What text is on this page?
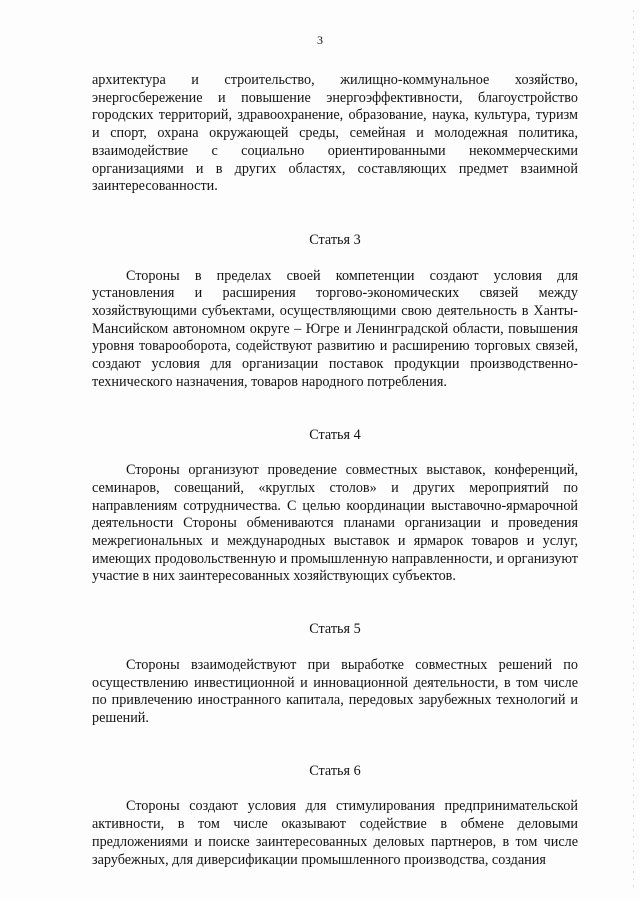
3

архитектура и строительство, жилищно-коммунальное хозяйство, энергосбережение и повышение энергоэффективности, благоустройство городских территорий, здравоохранение, образование, наука, культура, туризм и спорт, охрана окружающей среды, семейная и молодежная политика, взаимодействие с социально ориентированными некоммерческими организациями и в других областях, составляющих предмет взаимной заинтересованности.

Статья 3

Стороны в пределах своей компетенции создают условия для установления и расширения торгово-экономических связей между хозяйствующими субъектами, осуществляющими свою деятельность в Ханты-Мансийском автономном округе – Югре и Ленинградской области, повышения уровня товарооборота, содействуют развитию и расширению торговых связей, создают условия для организации поставок продукции производственно-технического назначения, товаров народного потребления.

Статья 4

Стороны организуют проведение совместных выставок, конференций, семинаров, совещаний, «круглых столов» и других мероприятий по направлениям сотрудничества. С целью координации выставочно-ярмарочной деятельности Стороны обмениваются планами организации и проведения межрегиональных и международных выставок и ярмарок товаров и услуг, имеющих продовольственную и промышленную направленности, и организуют участие в них заинтересованных хозяйствующих субъектов.

Статья 5

Стороны взаимодействуют при выработке совместных решений по осуществлению инвестиционной и инновационной деятельности, в том числе по привлечению иностранного капитала, передовых зарубежных технологий и решений.

Статья 6

Стороны создают условия для стимулирования предпринимательской активности, в том числе оказывают содействие в обмене деловыми предложениями и поиске заинтересованных деловых партнеров, в том числе зарубежных, для диверсификации промышленного производства, создания
